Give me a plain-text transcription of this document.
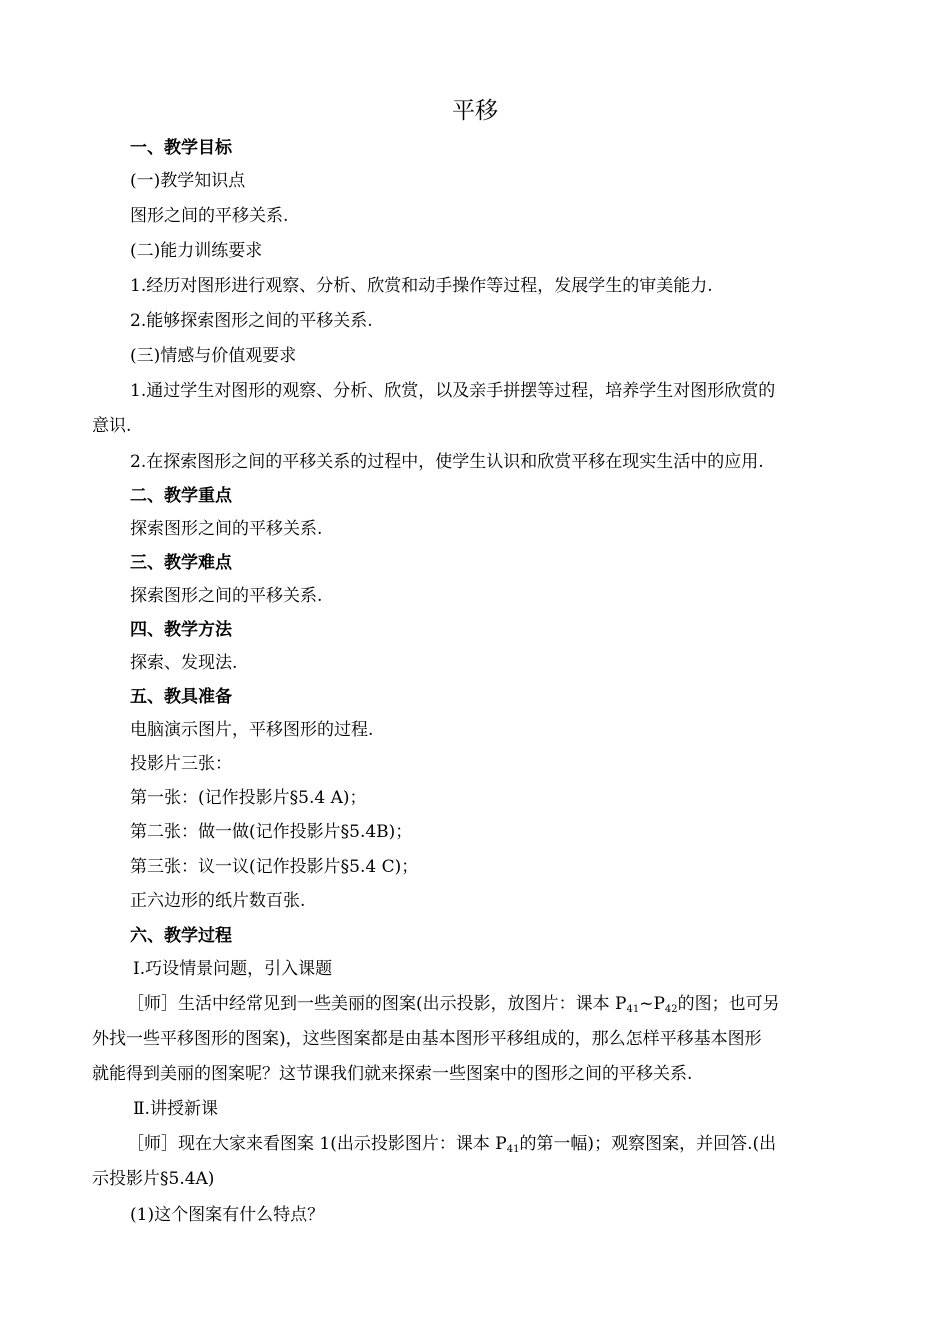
平移
一、教学目标
(一)教学知识点
图形之间的平移关系.
(二)能力训练要求
1.经历对图形进行观察、分析、欣赏和动手操作等过程，发展学生的审美能力.
2.能够探索图形之间的平移关系.
(三)情感与价值观要求
1.通过学生对图形的观察、分析、欣赏，以及亲手拼摆等过程，培养学生对图形欣赏的
意识.
2.在探索图形之间的平移关系的过程中，使学生认识和欣赏平移在现实生活中的应用.
二、教学重点
探索图形之间的平移关系.
三、教学难点
探索图形之间的平移关系.
四、教学方法
探索、发现法.
五、教具准备
电脑演示图片，平移图形的过程.
投影片三张：
第一张：(记作投影片§5.4 A)；
第二张：做一做(记作投影片§5.4B)；
第三张：议一议(记作投影片§5.4 C)；
正六边形的纸片数百张.
六、教学过程
Ⅰ.巧设情景问题，引入课题
［师］生活中经常见到一些美丽的图案(出示投影，放图片：课本 P41~P42的图；也可另
外找一些平移图形的图案)，这些图案都是由基本图形平移组成的，那么怎样平移基本图形
就能得到美丽的图案呢？这节课我们就来探索一些图案中的图形之间的平移关系.
Ⅱ.讲授新课
［师］现在大家来看图案 1(出示投影图片：课本 P41的第一幅)；观察图案，并回答.(出
示投影片§5.4A)
(1)这个图案有什么特点？
